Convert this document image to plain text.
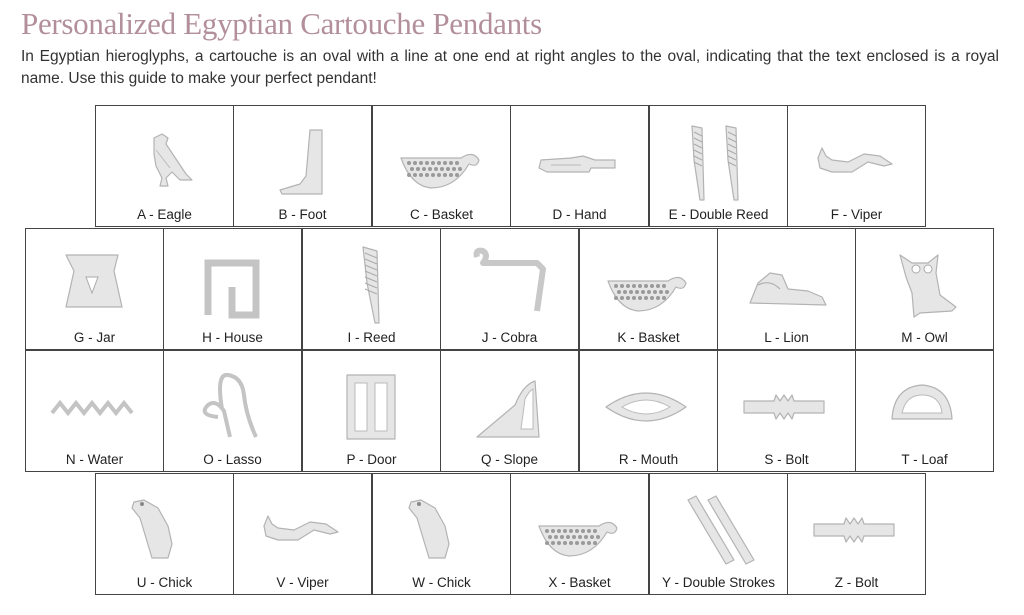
Personalized Egyptian Cartouche Pendants
In Egyptian hieroglyphs, a cartouche is an oval with a line at one end at right angles to the oval, indicating that the text enclosed is a royal name. Use this guide to make your perfect pendant!
A - Eagle	B - Foot	C - Basket	D - Hand	E - Double Reed	F - Viper
G - Jar	H - House	I - Reed	J - Cobra	K - Basket	L - Lion	M - Owl
N - Water	O - Lasso	P - Door	Q - Slope	R - Mouth	S - Bolt	T - Loaf
U - Chick	V - Viper	W - Chick	X - Basket	Y - Double Strokes	Z - Bolt
